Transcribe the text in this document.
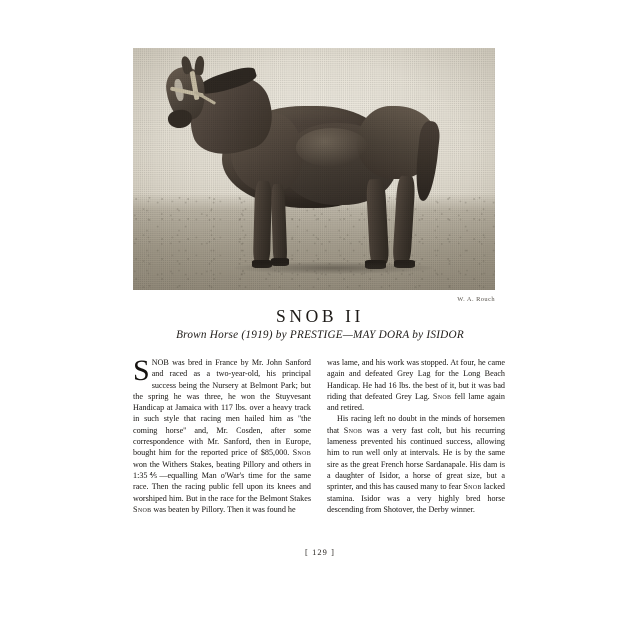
W. A. Rouch
SNOB II
Brown Horse (1919) by PRESTIGE—MAY DORA by ISIDOR
S NOB was bred in France by Mr. John Sanford and raced as a two-year-old, his principal success being the Nursery at Belmont Park; but the spring he was three, he won the Stuyvesant Handicap at Jamaica with 117 lbs. over a heavy track in such style that racing men hailed him as ''the coming horse'' and, Mr. Cosden, after some correspondence with Mr. Sanford, then in Europe, bought him for the reported price of $85,000. Snob won the Withers Stakes, beating Pillory and others in 1:35⅘—equalling Man o'War's time for the same race. Then the racing public fell upon its knees and worshiped him. But in the race for the Belmont Stakes Snob was beaten by Pillory. Then it was found he

was lame, and his work was stopped. At four, he came again and defeated Grey Lag for the Long Beach Handicap. He had 16 lbs. the best of it, but it was bad riding that defeated Grey Lag. Snob fell lame again and retired.

His racing left no doubt in the minds of horsemen that Snob was a very fast colt, but his recurring lameness prevented his continued success, allowing him to run well only at intervals. He is by the same sire as the great French horse Sardanapale. His dam is a daughter of Isidor, a horse of great size, but a sprinter, and this has caused many to fear Snob lacked stamina. Isidor was a very highly bred horse descending from Shotover, the Derby winner.

[ 129 ]
